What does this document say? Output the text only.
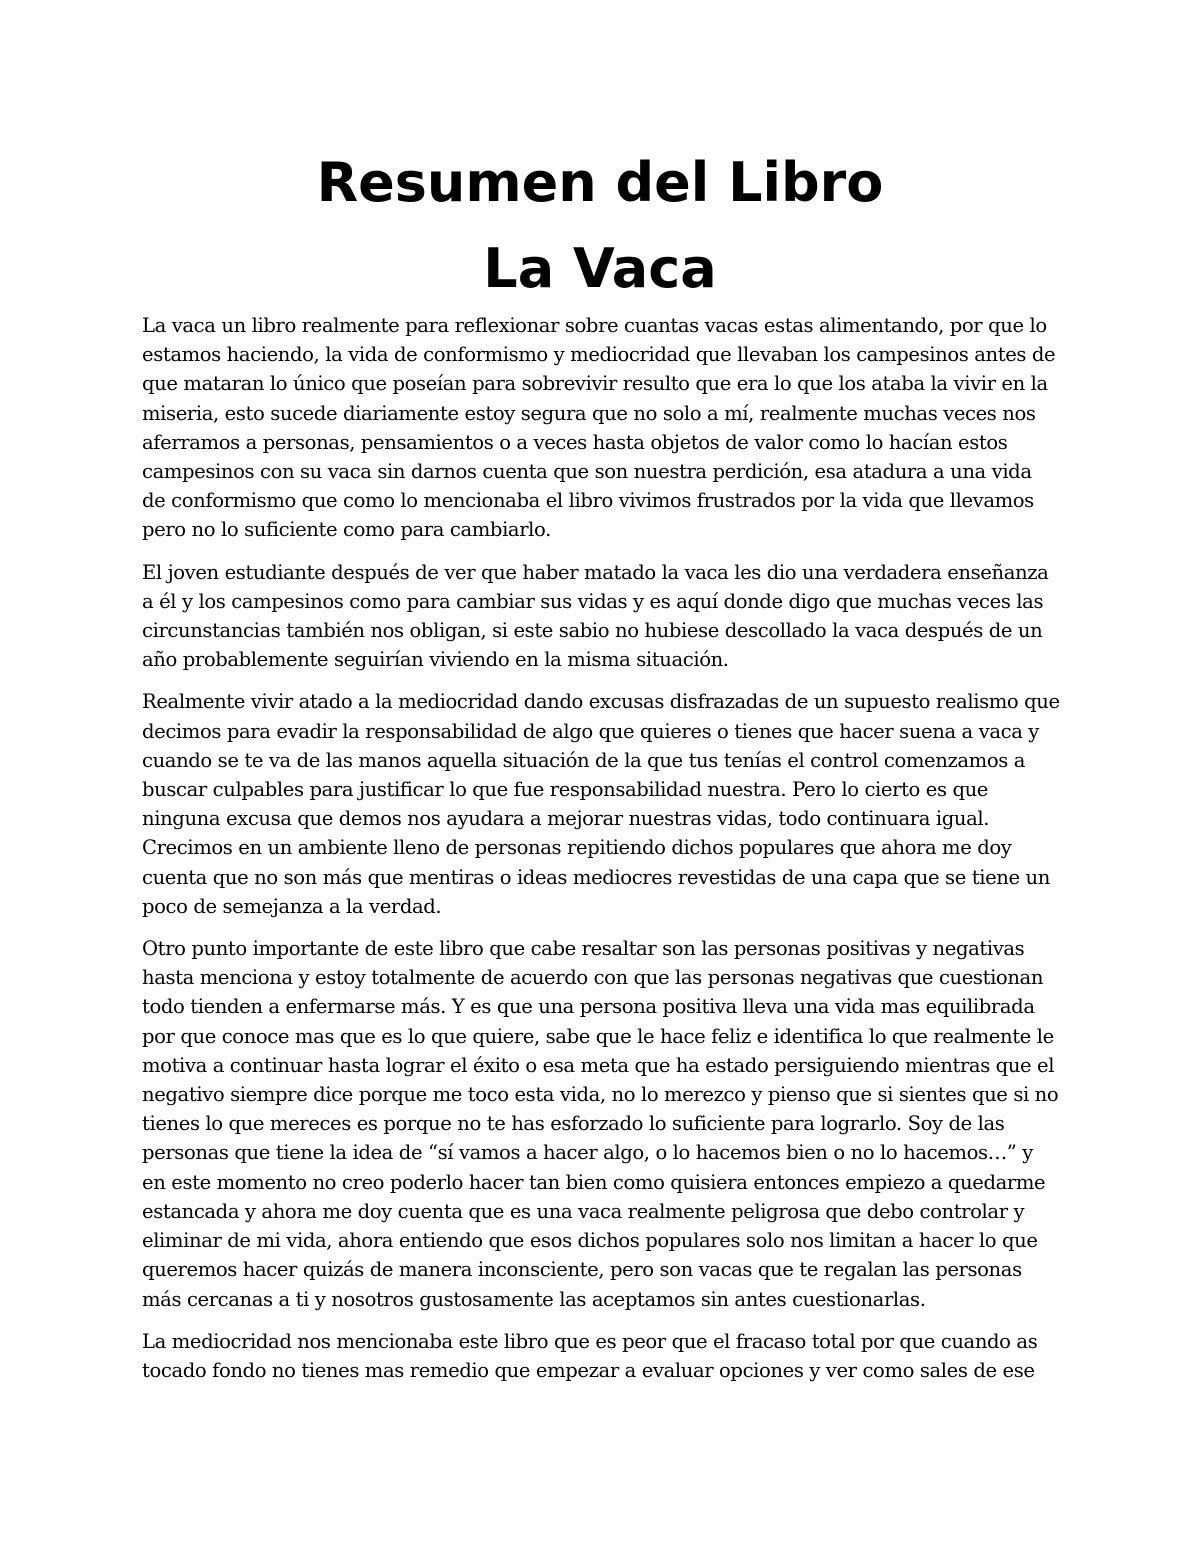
Resumen del Libro
La Vaca

La vaca un libro realmente para reflexionar sobre cuantas vacas estas alimentando, por que lo estamos haciendo, la vida de conformismo y mediocridad que llevaban los campesinos antes de que mataran lo único que poseían para sobrevivir resulto que era lo que los ataba la vivir en la miseria, esto sucede diariamente estoy segura que no solo a mí, realmente muchas veces nos aferramos a personas, pensamientos o a veces hasta objetos de valor como lo hacían estos campesinos con su vaca sin darnos cuenta que son nuestra perdición, esa atadura a una vida de conformismo que como lo mencionaba el libro vivimos frustrados por la vida que llevamos pero no lo suficiente como para cambiarlo.

El joven estudiante después de ver que haber matado la vaca les dio una verdadera enseñanza a él y los campesinos como para cambiar sus vidas y es aquí donde digo que muchas veces las circunstancias también nos obligan, si este sabio no hubiese descollado la vaca después de un año probablemente seguirían viviendo en la misma situación.

Realmente vivir atado a la mediocridad dando excusas disfrazadas de un supuesto realismo que decimos para evadir la responsabilidad de algo que quieres o tienes que hacer suena a vaca y cuando se te va de las manos aquella situación de la que tus tenías el control comenzamos a buscar culpables para justificar lo que fue responsabilidad nuestra. Pero lo cierto es que ninguna excusa que demos nos ayudara a mejorar nuestras vidas, todo continuara igual. Crecimos en un ambiente lleno de personas repitiendo dichos populares que ahora me doy cuenta que no son más que mentiras o ideas mediocres revestidas de una capa que se tiene un poco de semejanza a la verdad.

Otro punto importante de este libro que cabe resaltar son las personas positivas y negativas hasta menciona y estoy totalmente de acuerdo con que las personas negativas que cuestionan todo tienden a enfermarse más. Y es que una persona positiva lleva una vida mas equilibrada por que conoce mas que es lo que quiere, sabe que le hace feliz e identifica lo que realmente le motiva a continuar hasta lograr el éxito o esa meta que ha estado persiguiendo mientras que el negativo siempre dice porque me toco esta vida, no lo merezco y pienso que si sientes que si no tienes lo que mereces es porque no te has esforzado lo suficiente para lograrlo. Soy de las personas que tiene la idea de “sí vamos a hacer algo, o lo hacemos bien o no lo hacemos…” y en este momento no creo poderlo hacer tan bien como quisiera entonces empiezo a quedarme estancada y ahora me doy cuenta que es una vaca realmente peligrosa que debo controlar y eliminar de mi vida, ahora entiendo que esos dichos populares solo nos limitan a hacer lo que queremos hacer quizás de manera inconsciente, pero son vacas que te regalan las personas más cercanas a ti y nosotros gustosamente las aceptamos sin antes cuestionarlas.

La mediocridad nos mencionaba este libro que es peor que el fracaso total por que cuando as tocado fondo no tienes mas remedio que empezar a evaluar opciones y ver como sales de ese
